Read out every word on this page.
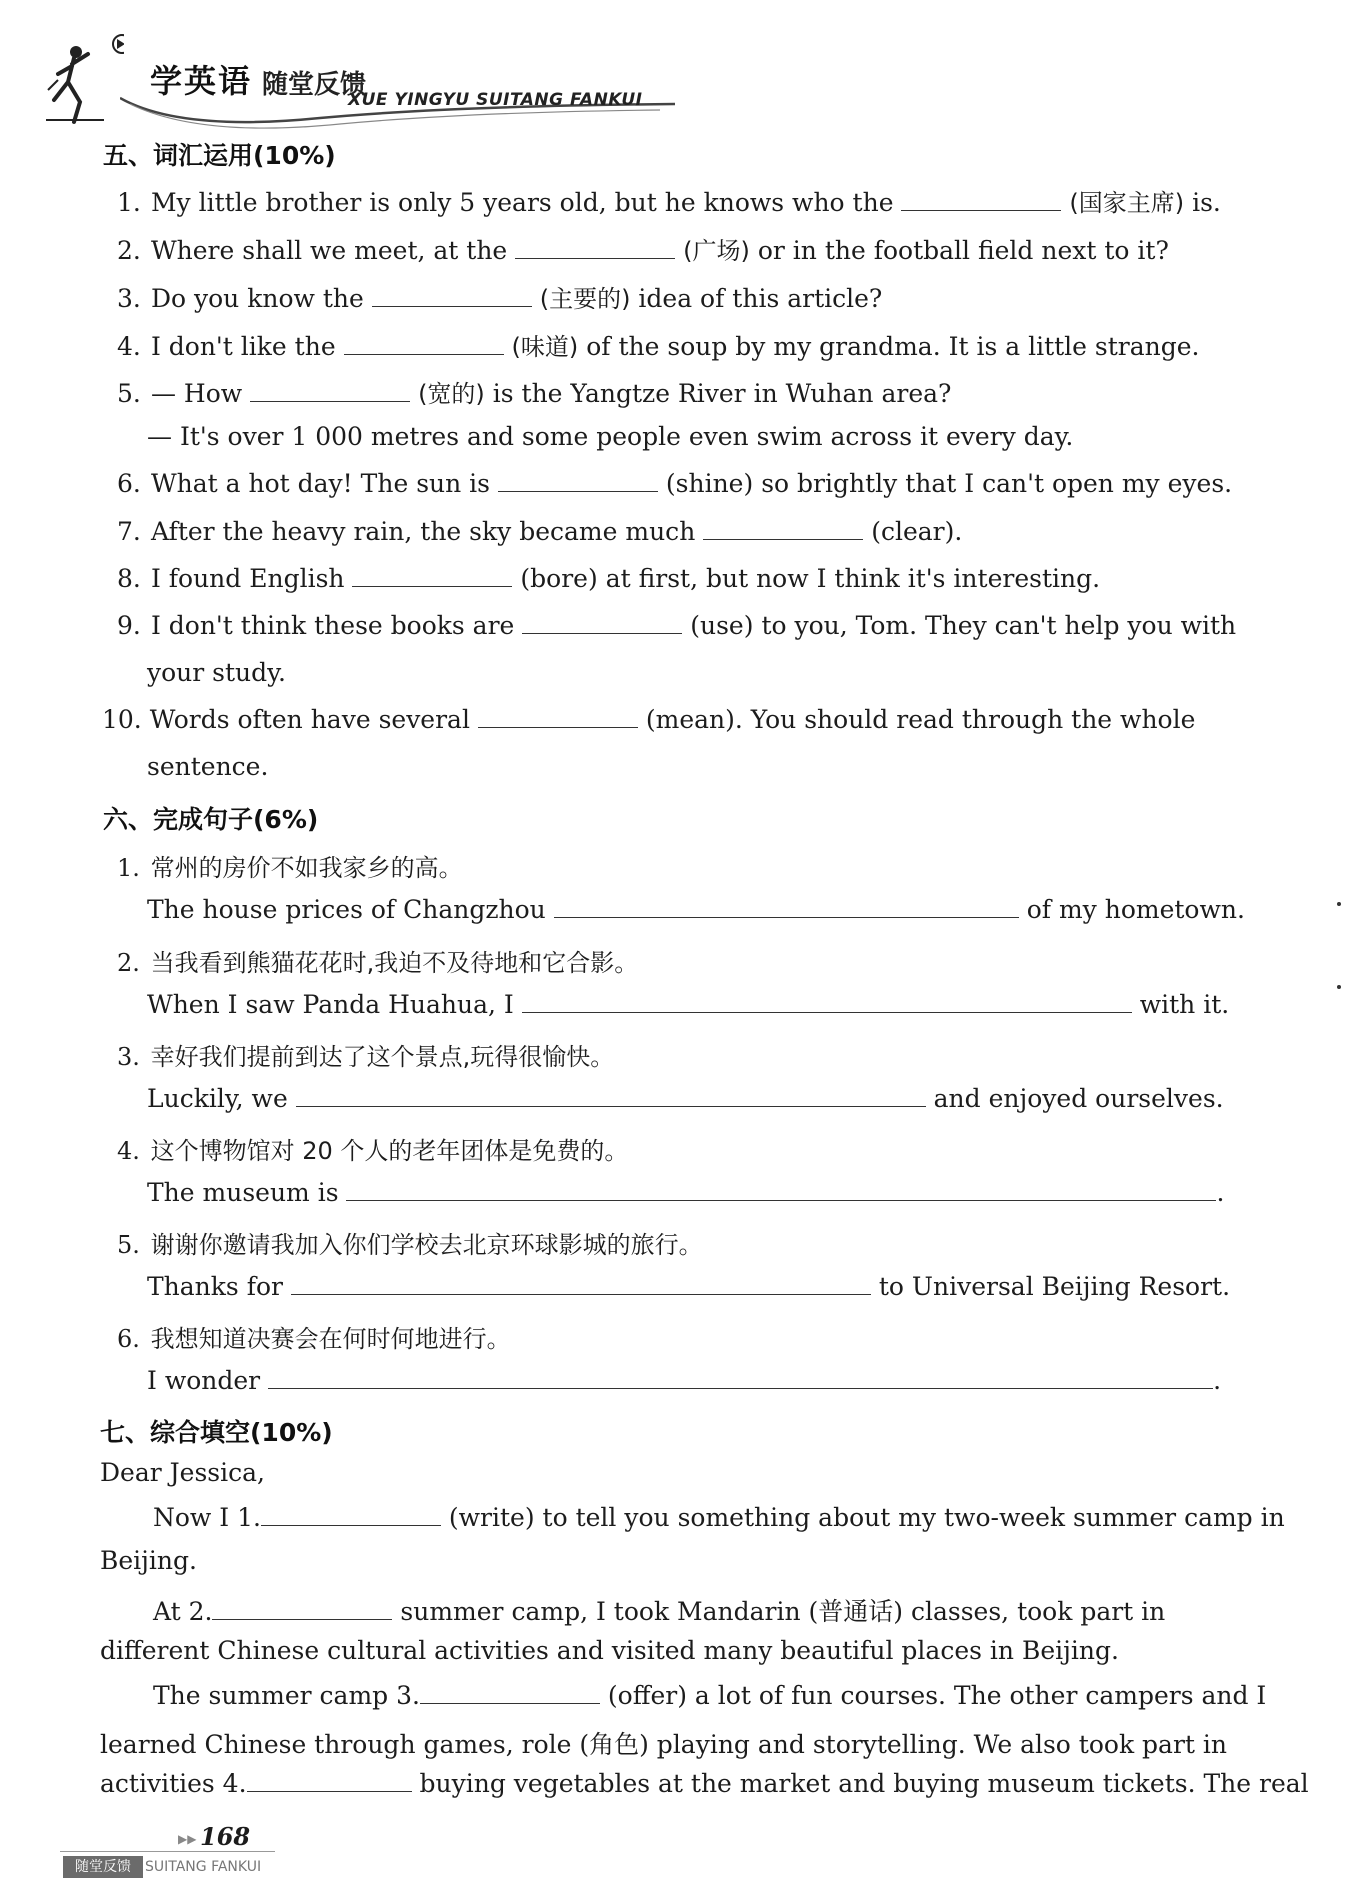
学英语 随堂反馈
XUE YINGYU SUITANG FANKUI
五、词汇运用(10%)
1. My little brother is only 5 years old, but he knows who the	(国家主席) is.
2. Where shall we meet, at the	(广场) or in the football field next to it?
3. Do you know the	(主要的) idea of this article?
4. I don't like the	(味道) of the soup by my grandma. It is a little strange.
5. — How	(宽的) is the Yangtze River in Wuhan area?
— It's over 1 000 metres and some people even swim across it every day.
6. What a hot day! The sun is	(shine) so brightly that I can't open my eyes.
7. After the heavy rain, the sky became much	(clear).
8. I found English	(bore) at first, but now I think it's interesting.
9. I don't think these books are	(use) to you, Tom. They can't help you with
your study.
10. Words often have several	(mean). You should read through the whole
sentence.
六、完成句子(6%)
1. 常州的房价不如我家乡的高。
The house prices of Changzhou	of my hometown.
2. 当我看到熊猫花花时,我迫不及待地和它合影。
When I saw Panda Huahua, I	with it.
3. 幸好我们提前到达了这个景点,玩得很愉快。
Luckily, we	and enjoyed ourselves.
4. 这个博物馆对 20 个人的老年团体是免费的。
The museum is	.
5. 谢谢你邀请我加入你们学校去北京环球影城的旅行。
Thanks for	to Universal Beijing Resort.
6. 我想知道决赛会在何时何地进行。
I wonder	.
七、综合填空(10%)
Dear Jessica,
Now I 1.	(write) to tell you something about my two-week summer camp in
Beijing.
At 2.	summer camp, I took Mandarin (普通话) classes, took part in
different Chinese cultural activities and visited many beautiful places in Beijing.
The summer camp 3.	(offer) a lot of fun courses. The other campers and I
learned Chinese through games, role (角色) playing and storytelling. We also took part in
activities 4.	buying vegetables at the market and buying museum tickets. The real
▶▶ 168
随堂反馈	SUITANG FANKUI
